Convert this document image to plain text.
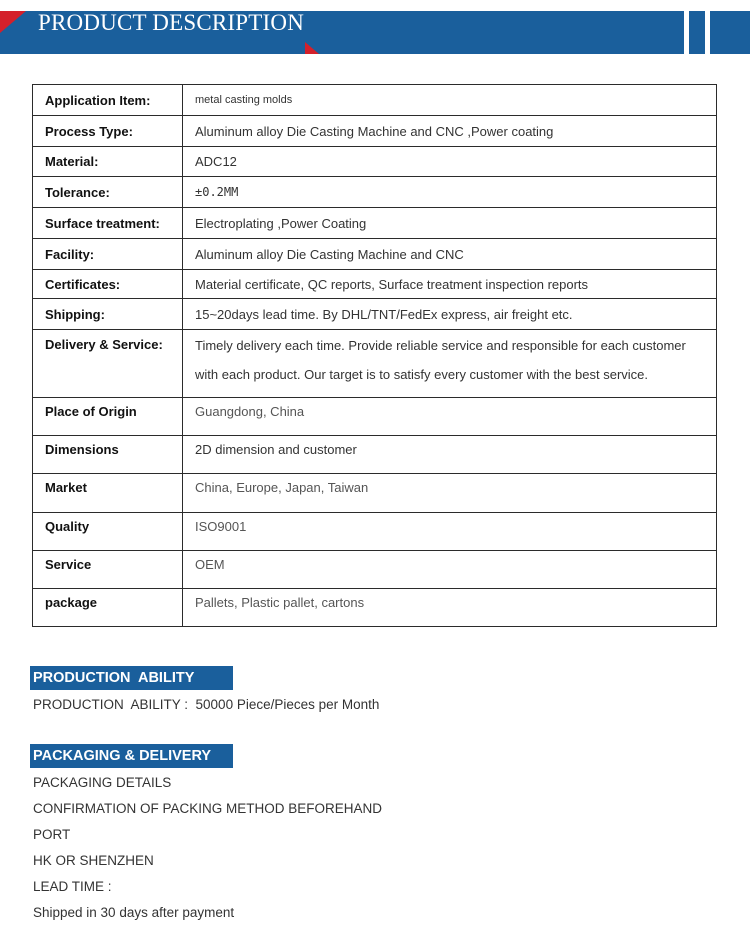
PRODUCT DESCRIPTION
Application Item:	metal casting molds
Process Type:	Aluminum alloy Die Casting Machine and CNC ,Power coating
Material:	ADC12
Tolerance:	±0.2MM
Surface treatment:	Electroplating ,Power Coating
Facility:	Aluminum alloy Die Casting Machine and CNC
Certificates:	Material certificate, QC reports, Surface treatment inspection reports
Shipping:	15~20days lead time. By DHL/TNT/FedEx express, air freight etc.
Delivery & Service:	Timely delivery each time. Provide reliable service and responsible for each customer
with each product. Our target is to satisfy every customer with the best service.

Place of Origin	Guangdong, China
Dimensions	2D dimension and customer
Market	China, Europe, Japan, Taiwan
Quality	ISO9001
Service	OEM
package	Pallets, Plastic pallet, cartons
PRODUCTION  ABILITY
PRODUCTION  ABILITY :  50000 Piece/Pieces per Month
PACKAGING & DELIVERY
PACKAGING DETAILS
CONFIRMATION OF PACKING METHOD BEFOREHAND
PORT
HK OR SHENZHEN
LEAD TIME :
Shipped in 30 days after payment
